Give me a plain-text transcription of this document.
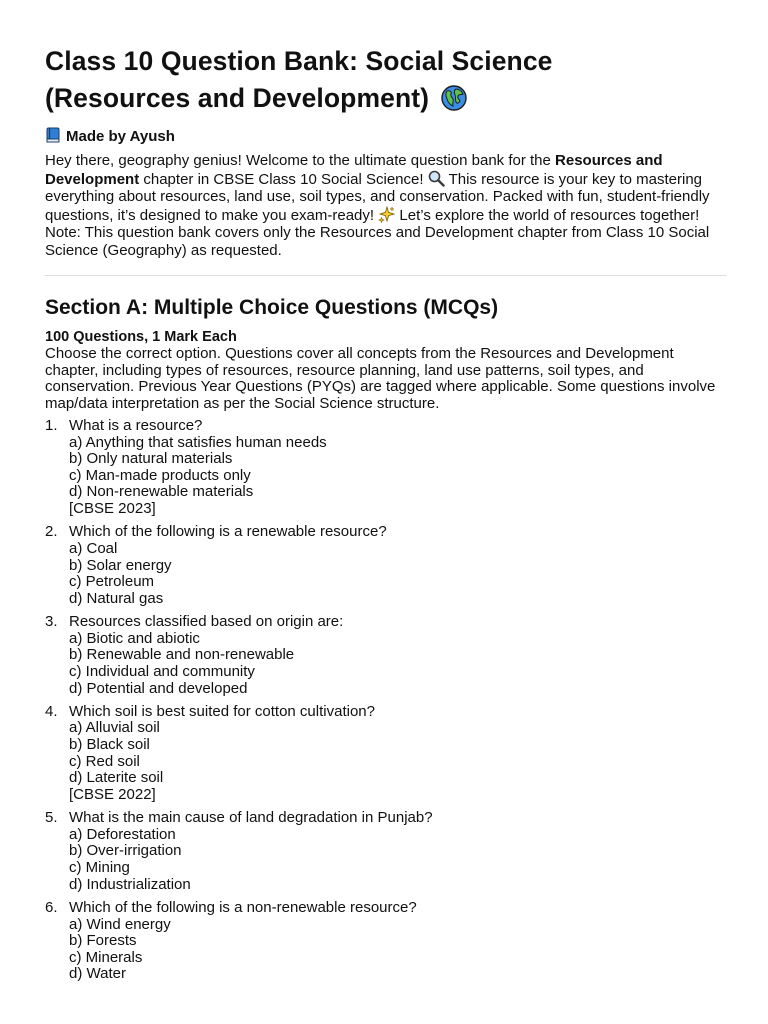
Class 10 Question Bank: Social Science
(Resources and Development)
Made by Ayush
Hey there, geography genius! Welcome to the ultimate question bank for the Resources and Development chapter in CBSE Class 10 Social Science!  This resource is your key to mastering everything about resources, land use, soil types, and conservation. Packed with fun, student-friendly questions, it’s designed to make you exam-ready!  Let’s explore the world of resources together! Note: This question bank covers only the Resources and Development chapter from Class 10 Social Science (Geography) as requested.
Section A: Multiple Choice Questions (MCQs)
100 Questions, 1 Mark Each
Choose the correct option. Questions cover all concepts from the Resources and Development chapter, including types of resources, resource planning, land use patterns, soil types, and conservation. Previous Year Questions (PYQs) are tagged where applicable. Some questions involve map/data interpretation as per the Social Science structure.
1. What is a resource?
a) Anything that satisfies human needs
b) Only natural materials
c) Man-made products only
d) Non-renewable materials
[CBSE 2023]
2. Which of the following is a renewable resource?
a) Coal
b) Solar energy
c) Petroleum
d) Natural gas
3. Resources classified based on origin are:
a) Biotic and abiotic
b) Renewable and non-renewable
c) Individual and community
d) Potential and developed
4. Which soil is best suited for cotton cultivation?
a) Alluvial soil
b) Black soil
c) Red soil
d) Laterite soil
[CBSE 2022]
5. What is the main cause of land degradation in Punjab?
a) Deforestation
b) Over-irrigation
c) Mining
d) Industrialization
6. Which of the following is a non-renewable resource?
a) Wind energy
b) Forests
c) Minerals
d) Water
